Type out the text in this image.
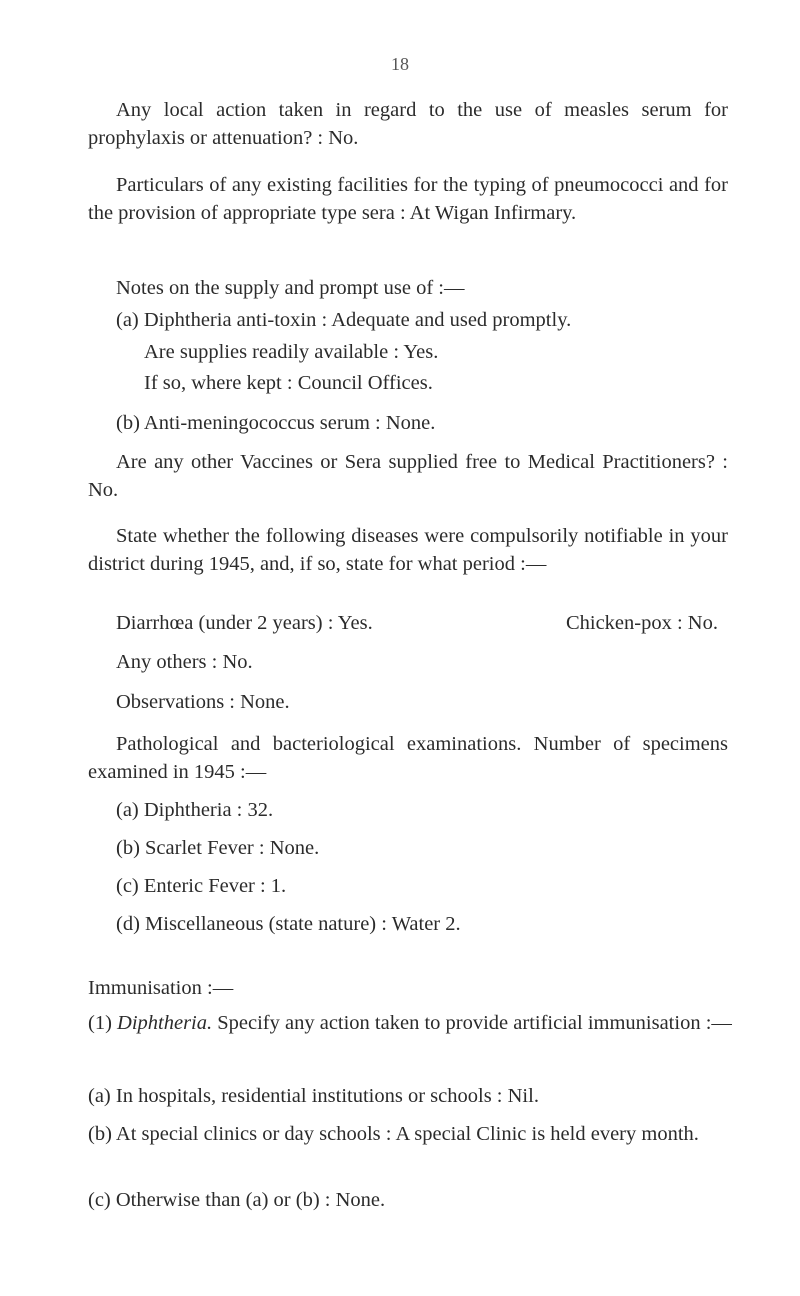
18
Any local action taken in regard to the use of measles serum for prophylaxis or attenuation? : No.
Particulars of any existing facilities for the typing of pneumococci and for the provision of appropriate type sera : At Wigan Infirmary.
Notes on the supply and prompt use of :—
(a) Diphtheria anti-toxin : Adequate and used promptly.
Are supplies readily available : Yes.
If so, where kept : Council Offices.
(b) Anti-meningococcus serum : None.
Are any other Vaccines or Sera supplied free to Medical Practitioners? : No.
State whether the following diseases were compulsorily notifiable in your district during 1945, and, if so, state for what period :—
Diarrhœa (under 2 years) : Yes.	Chicken-pox : No.
Any others : No.
Observations : None.
Pathological and bacteriological examinations. Number of specimens examined in 1945 :—
(a) Diphtheria : 32.
(b) Scarlet Fever : None.
(c) Enteric Fever : 1.
(d) Miscellaneous (state nature) : Water 2.
Immunisation :—
(1) Diphtheria. Specify any action taken to provide artificial immunisation :—
(a) In hospitals, residential institutions or schools : Nil.
(b) At special clinics or day schools : A special Clinic is held every month.
(c) Otherwise than (a) or (b) : None.
